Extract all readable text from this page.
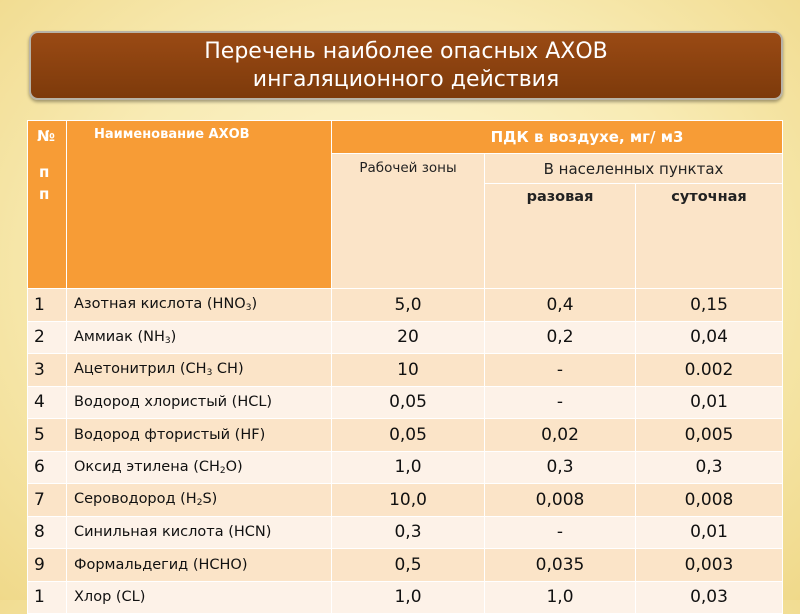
Перечень наиболее опасных АХОВ
ингаляционного действия
№
п
п	Наименование АХОВ	ПДК в воздухе, мг/ м3		
		Рабочей зоны	В населенных пунктах	
			разовая	суточная
1	Азотная кислота (HNO3)	5,0	0,4	0,15
2	Аммиак (NH3)	20	0,2	0,04
3	Ацетонитрил (CH3 CH)	10	-	0.002
4	Водород хлористый (HCL)	0,05	-	0,01
5	Водород фтористый (HF)	0,05	0,02	0,005
6	Оксид этилена (CH2O)	1,0	0,3	0,3
7	Сероводород (H2S)	10,0	0,008	0,008
8	Синильная кислота (HCN)	0,3	-	0,01
9	Формальдегид (HCHO)	0,5	0,035	0,003
1	Хлор (CL)	1,0	1,0	0,03
